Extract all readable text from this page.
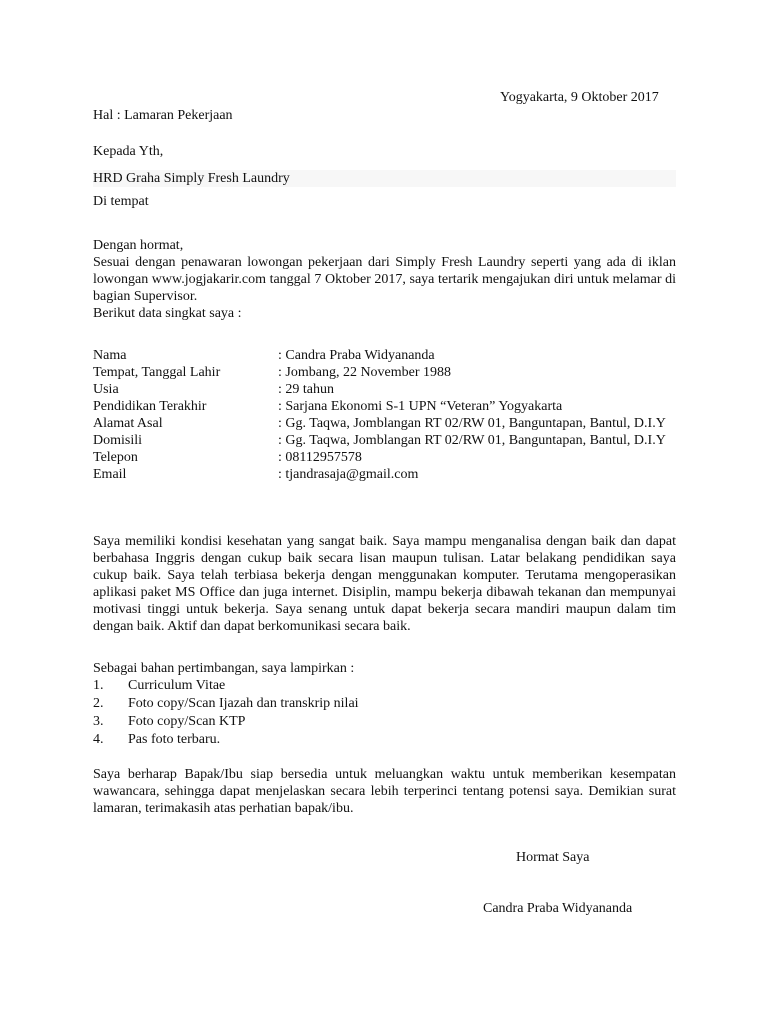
Yogyakarta, 9 Oktober 2017
Hal : Lamaran Pekerjaan
Kepada Yth,
HRD Graha Simply Fresh Laundry
Di tempat
Dengan hormat,
Sesuai dengan penawaran lowongan pekerjaan dari Simply Fresh Laundry seperti yang ada di iklan lowongan www.jogjakarir.com tanggal 7 Oktober 2017, saya tertarik mengajukan diri untuk melamar di bagian Supervisor.
Berikut data singkat saya :
Nama	: Candra Praba Widyananda
Tempat, Tanggal Lahir	: Jombang, 22 November 1988
Usia	: 29 tahun
Pendidikan Terakhir	: Sarjana Ekonomi S-1 UPN “Veteran” Yogyakarta
Alamat Asal	: Gg. Taqwa, Jomblangan RT 02/RW 01, Banguntapan, Bantul, D.I.Y
Domisili	: Gg. Taqwa, Jomblangan RT 02/RW 01, Banguntapan, Bantul, D.I.Y
Telepon	: 08112957578
Email	: tjandrasaja@gmail.com
Saya memiliki kondisi kesehatan yang sangat baik. Saya mampu menganalisa dengan baik dan dapat berbahasa Inggris dengan cukup baik secara lisan maupun tulisan. Latar belakang pendidikan saya cukup baik. Saya telah terbiasa bekerja dengan menggunakan komputer. Terutama mengoperasikan aplikasi paket MS Office dan juga internet. Disiplin, mampu bekerja dibawah tekanan dan mempunyai motivasi tinggi untuk bekerja. Saya senang untuk dapat bekerja secara mandiri maupun dalam tim dengan baik. Aktif dan dapat berkomunikasi secara baik.
Sebagai bahan pertimbangan, saya lampirkan :
1.	Curriculum Vitae
2.	Foto copy/Scan Ijazah dan transkrip nilai
3.	Foto copy/Scan KTP
4.	Pas foto terbaru.
Saya berharap Bapak/Ibu siap bersedia untuk meluangkan waktu untuk memberikan kesempatan wawancara, sehingga dapat menjelaskan secara lebih terperinci tentang potensi saya. Demikian surat lamaran, terimakasih atas perhatian bapak/ibu.
Hormat Saya
Candra Praba Widyananda
